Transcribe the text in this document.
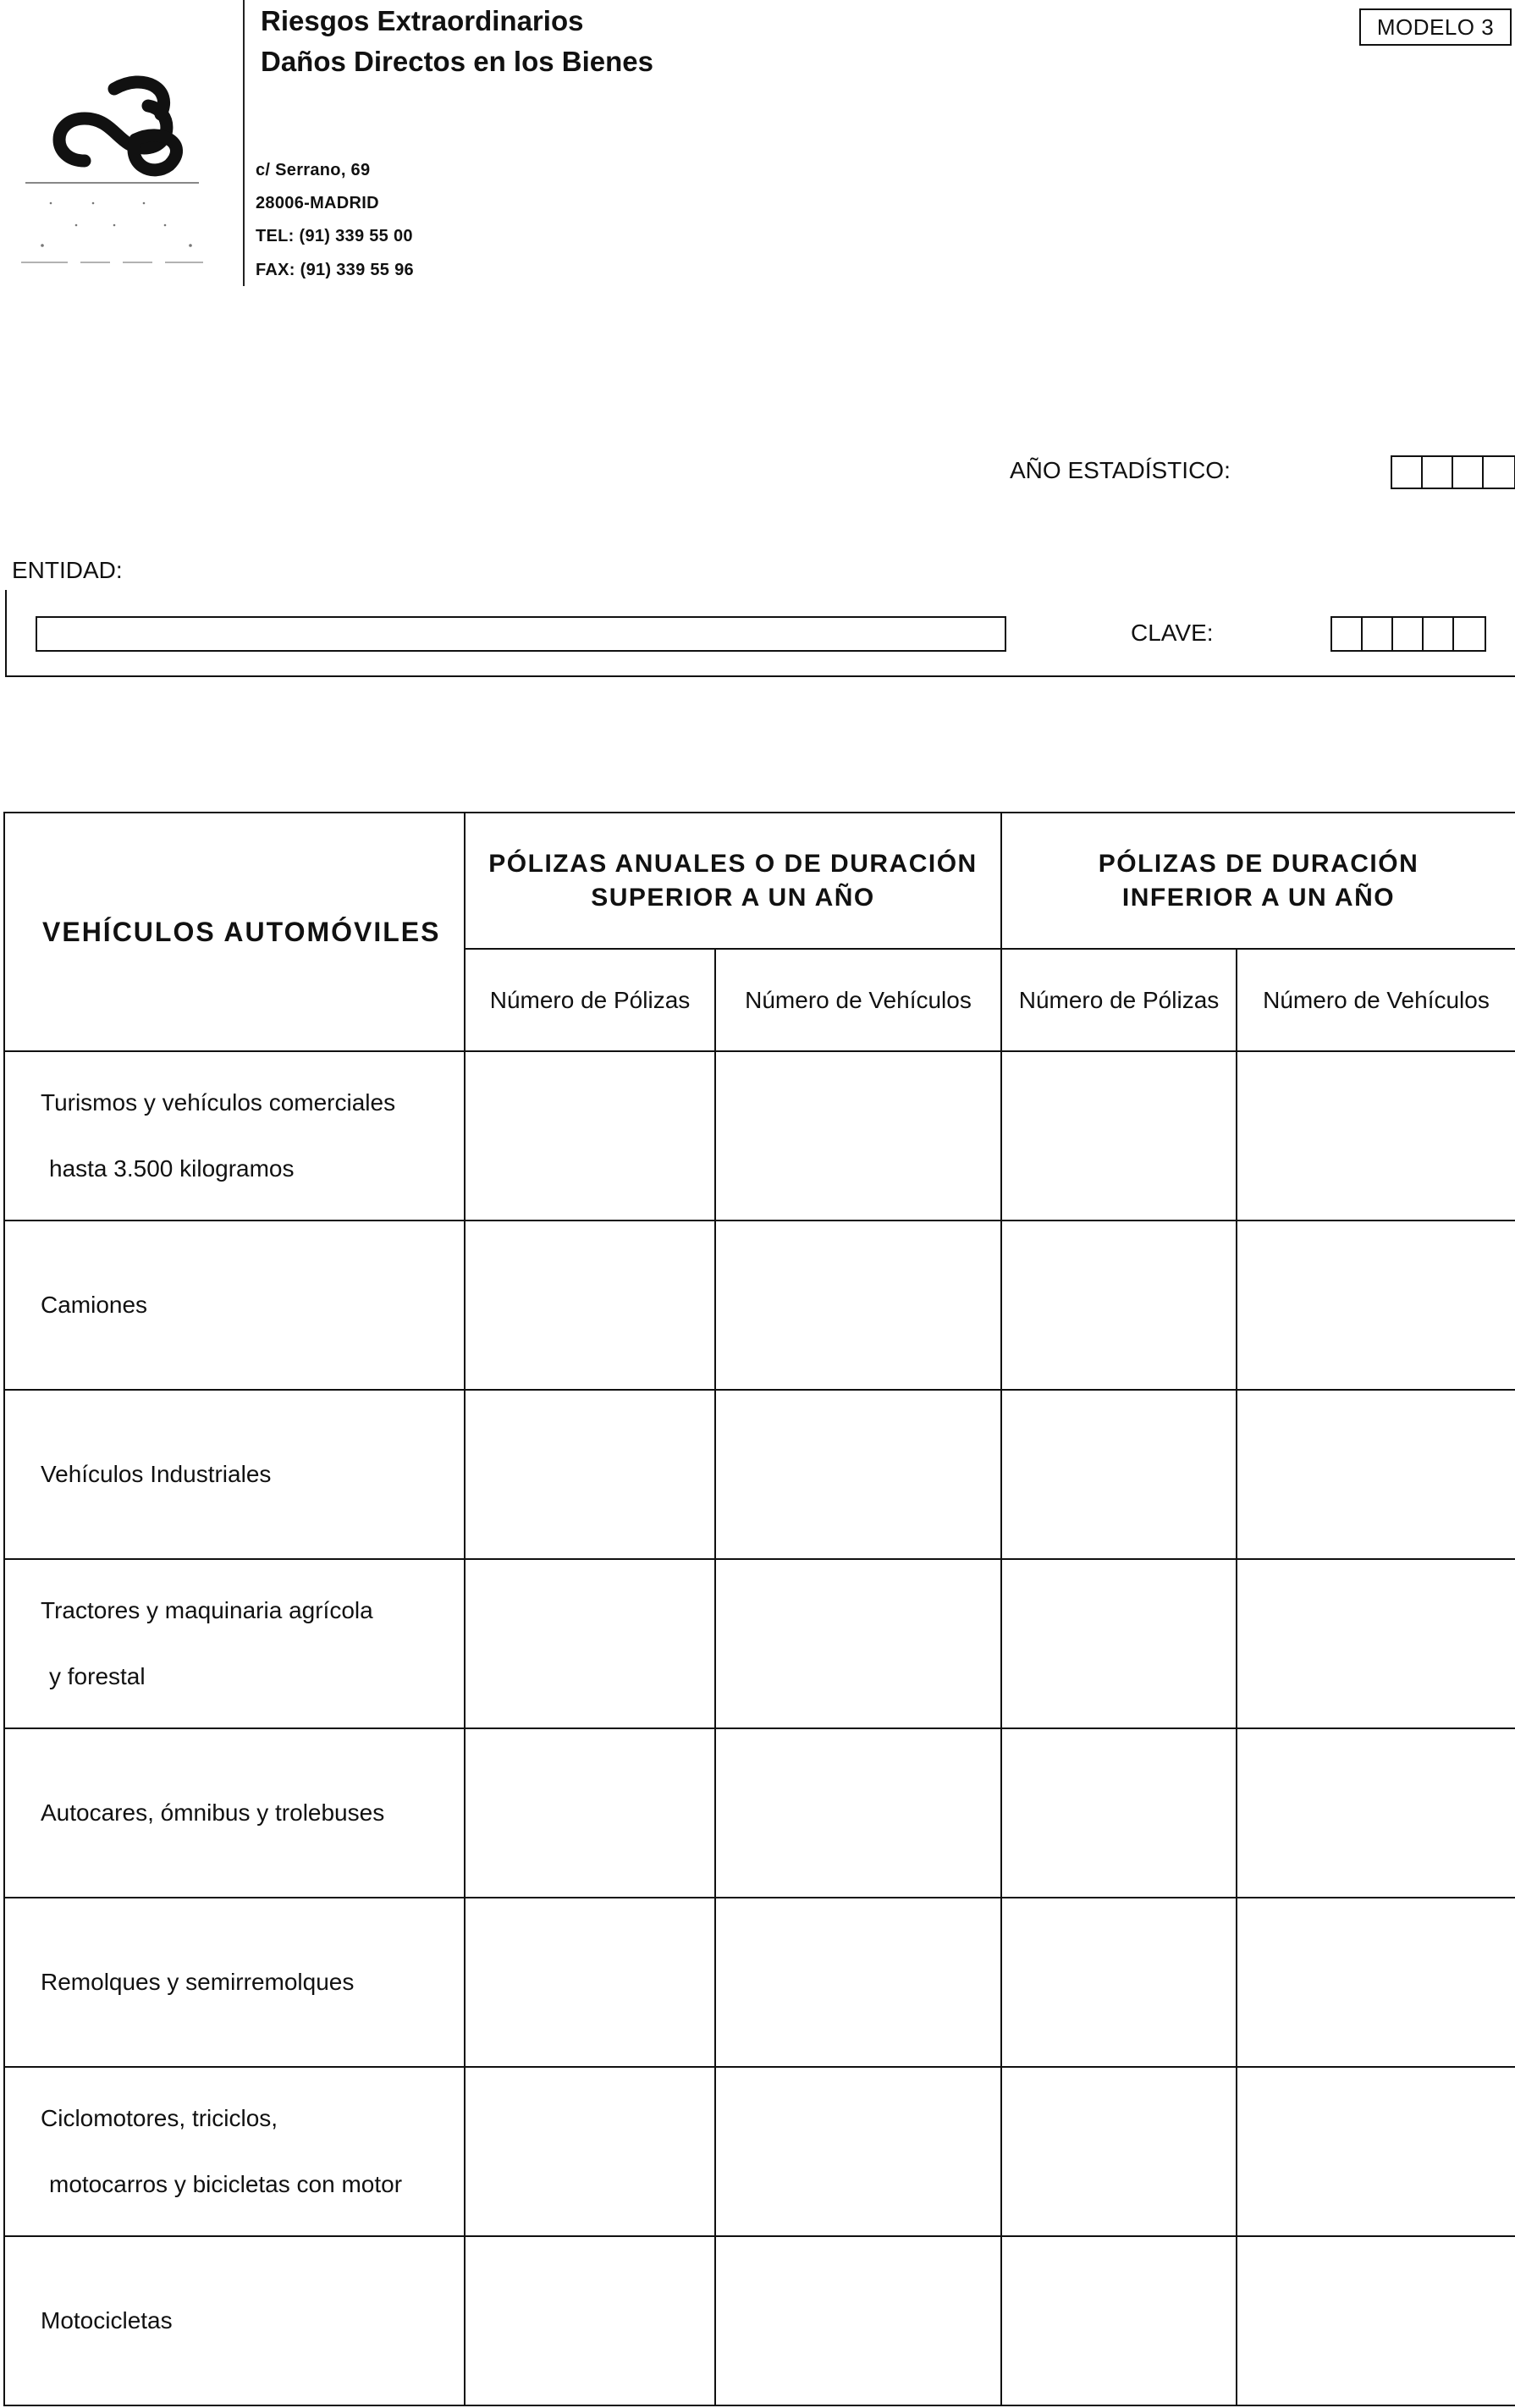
Riesgos Extraordinarios
Daños Directos en los Bienes
c/ Serrano, 69
28006-MADRID
TEL: (91) 339 55 00
FAX: (91) 339 55 96
MODELO 3
AÑO ESTADÍSTICO:
ENTIDAD:
CLAVE:
VEHÍCULOS AUTOMÓVILES	PÓLIZAS ANUALES O DE DURACIÓN
SUPERIOR A UN AÑO		PÓLIZAS DE DURACIÓN
INFERIOR A UN AÑO	
	Número de Pólizas	Número de Vehículos	Número de Pólizas	Número de Vehículos
Turismos y vehículos comerciales
hasta 3.500 kilogramos				

Camiones				
Vehículos Industriales				
Tractores y maquinaria agrícola
y forestal				

Autocares, ómnibus y trolebuses				
Remolques y semirremolques				
Ciclomotores, triciclos,
motocarros y bicicletas con motor				

Motocicletas				
